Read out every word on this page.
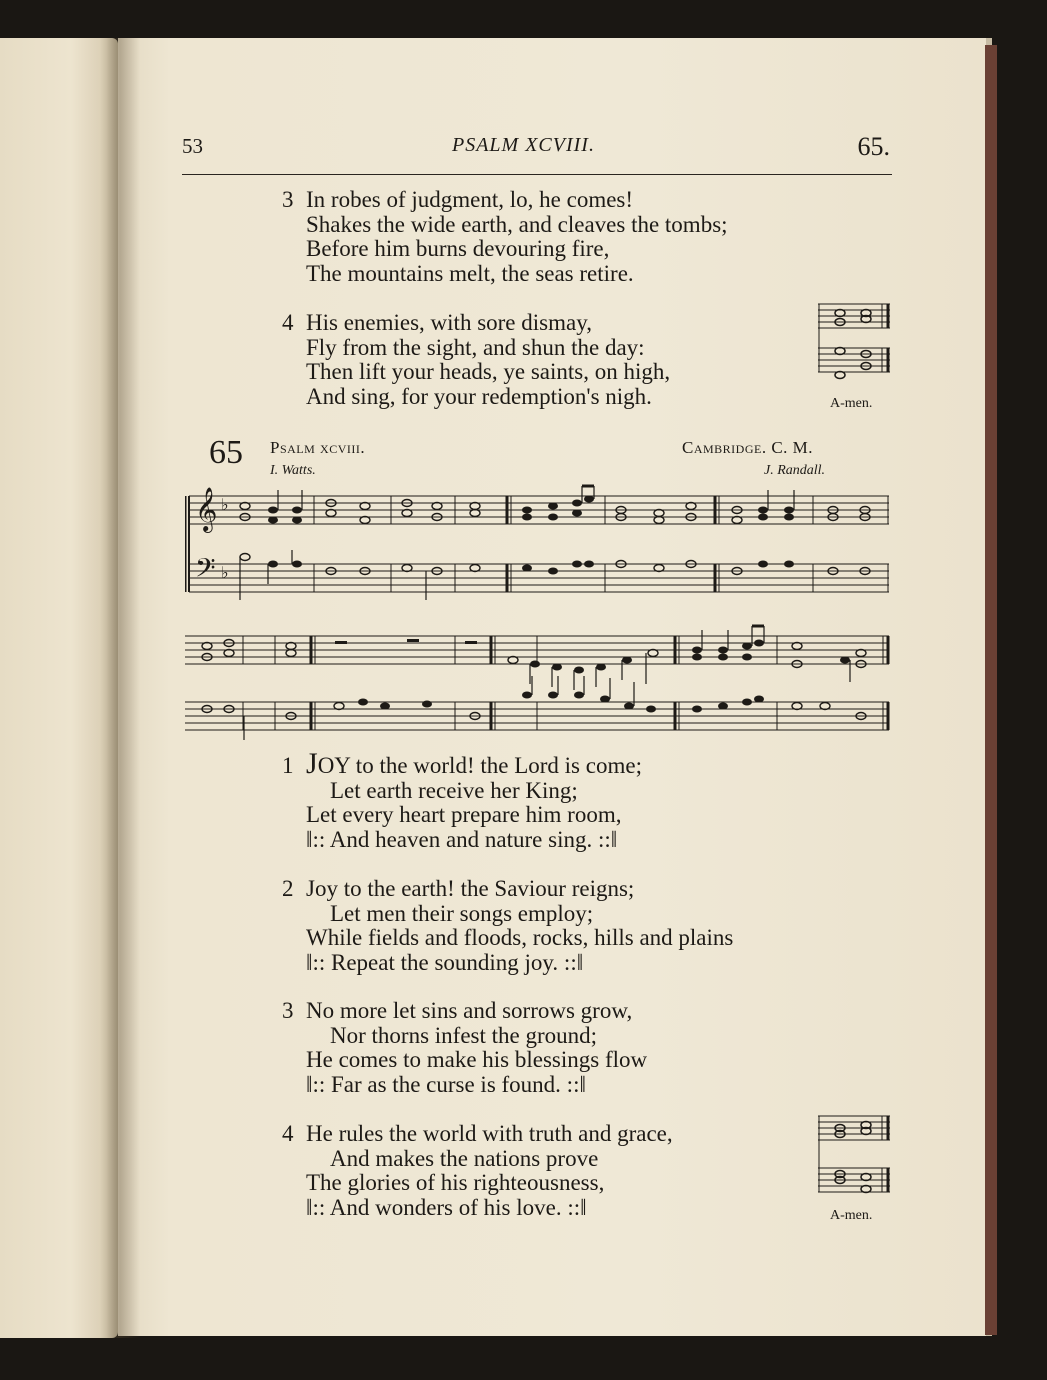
53	PSALM XCVIII.	65.
3 In robes of judgment, lo, he comes!
Shakes the wide earth, and cleaves the tombs;
Before him burns devouring fire,
The mountains melt, the seas retire.
4 His enemies, with sore dismay,
Fly from the sight, and shun the day:
Then lift your heads, ye saints, on high,
And sing, for your redemption's nigh.	A-men.
65 Psalm xcviii.	Cambridge. C. M.
I. Watts.	J. Randall.
𝄞
𝄢
♭
♭
1 JOY to the world! the Lord is come;
Let earth receive her King;
Let every heart prepare him room,
‖:: And heaven and nature sing. ::‖
2 Joy to the earth! the Saviour reigns;
Let men their songs employ;
While fields and floods, rocks, hills and plains
‖:: Repeat the sounding joy. ::‖
3 No more let sins and sorrows grow,
Nor thorns infest the ground;
He comes to make his blessings flow
‖:: Far as the curse is found. ::‖
4 He rules the world with truth and grace,
And makes the nations prove
The glories of his righteousness,
‖:: And wonders of his love. ::‖	A-men.
